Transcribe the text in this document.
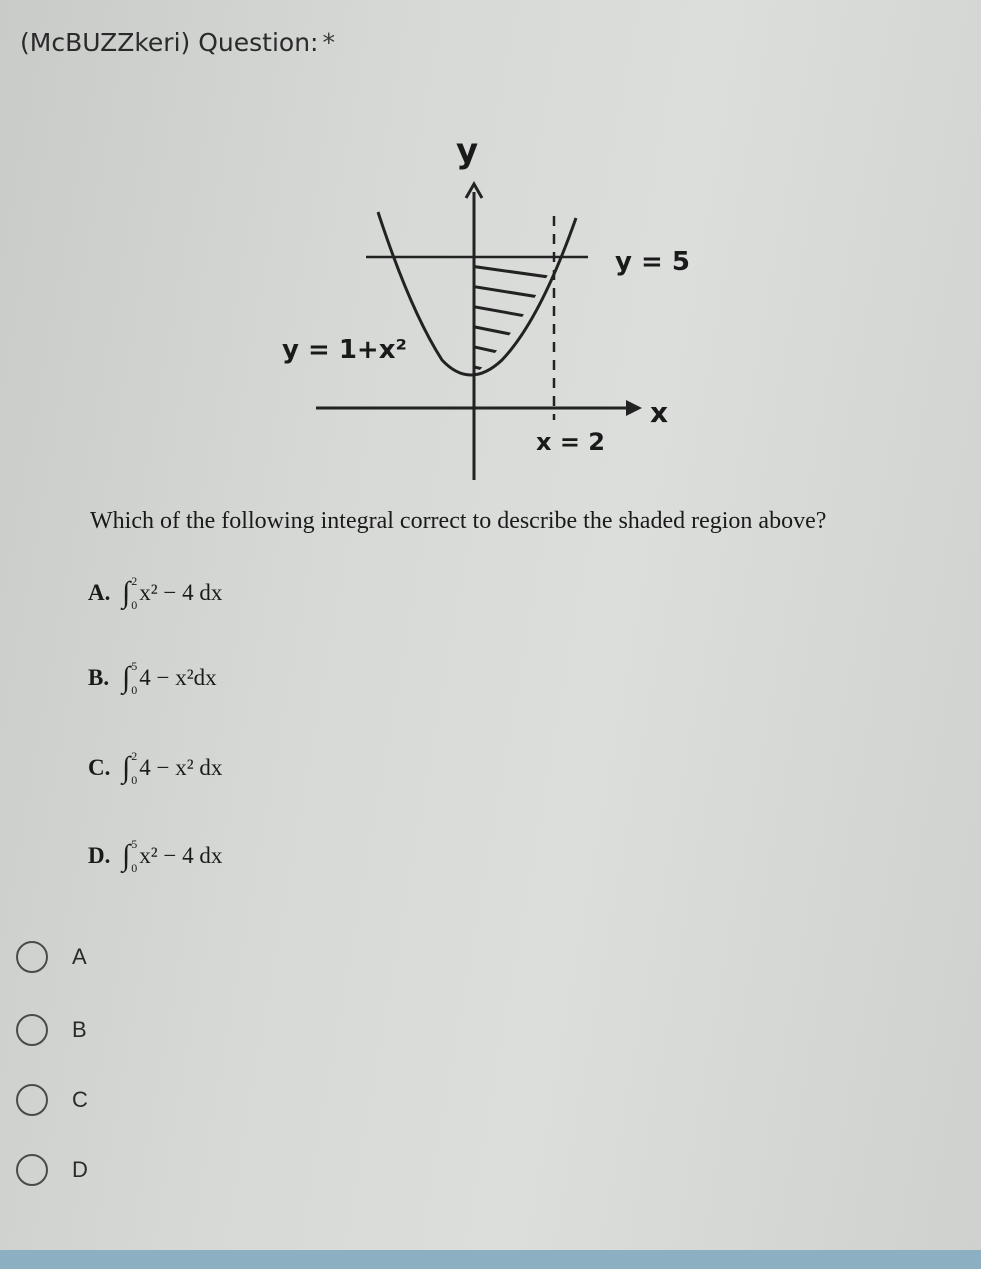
(McBUZZkeri) Question: *
y
x
y = 5
y = 1+x²
x = 2
Which of the following integral correct to describe the shaded region above?
A. ∫ 2
0 x² − 4 dx
B. ∫ 5
0 4 − x²dx
C. ∫ 2
0 4 − x² dx
D. ∫ 5
0 x² − 4 dx
A
B
C
D
